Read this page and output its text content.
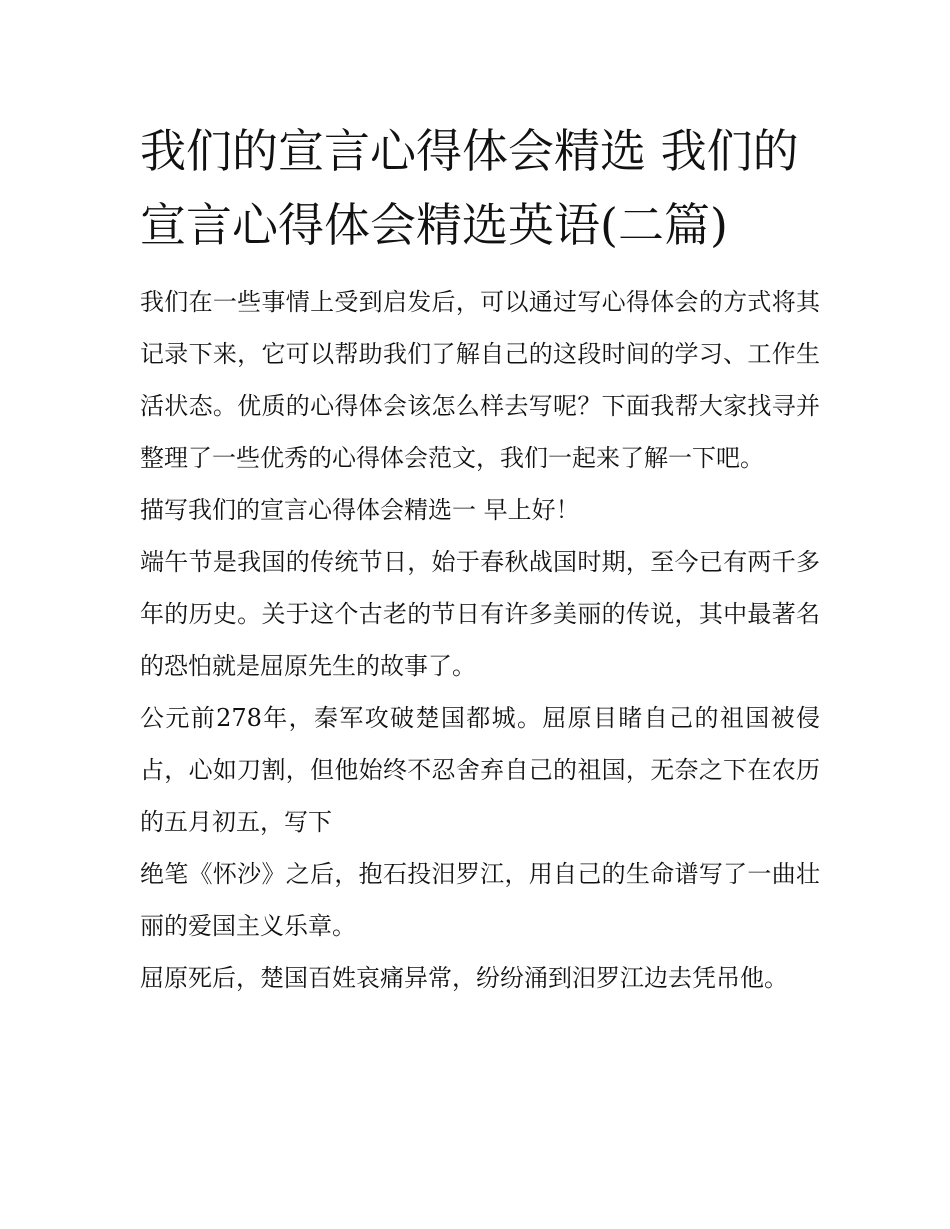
我们的宣言心得体会精选 我们的宣言心得体会精选英语(二篇)

我们在一些事情上受到启发后，可以通过写心得体会的方式将其记录下来，它可以帮助我们了解自己的这段时间的学习、工作生活状态。优质的心得体会该怎么样去写呢？下面我帮大家找寻并整理了一些优秀的心得体会范文，我们一起来了解一下吧。

描写我们的宣言心得体会精选一 早上好！

端午节是我国的传统节日，始于春秋战国时期，至今已有两千多年的历史。关于这个古老的节日有许多美丽的传说，其中最著名的恐怕就是屈原先生的故事了。

公元前278年，秦军攻破楚国都城。屈原目睹自己的祖国被侵占，心如刀割，但他始终不忍舍弃自己的祖国，无奈之下在农历的五月初五，写下

绝笔《怀沙》之后，抱石投汨罗江，用自己的生命谱写了一曲壮丽的爱国主义乐章。

屈原死后，楚国百姓哀痛异常，纷纷涌到汨罗江边去凭吊他。
